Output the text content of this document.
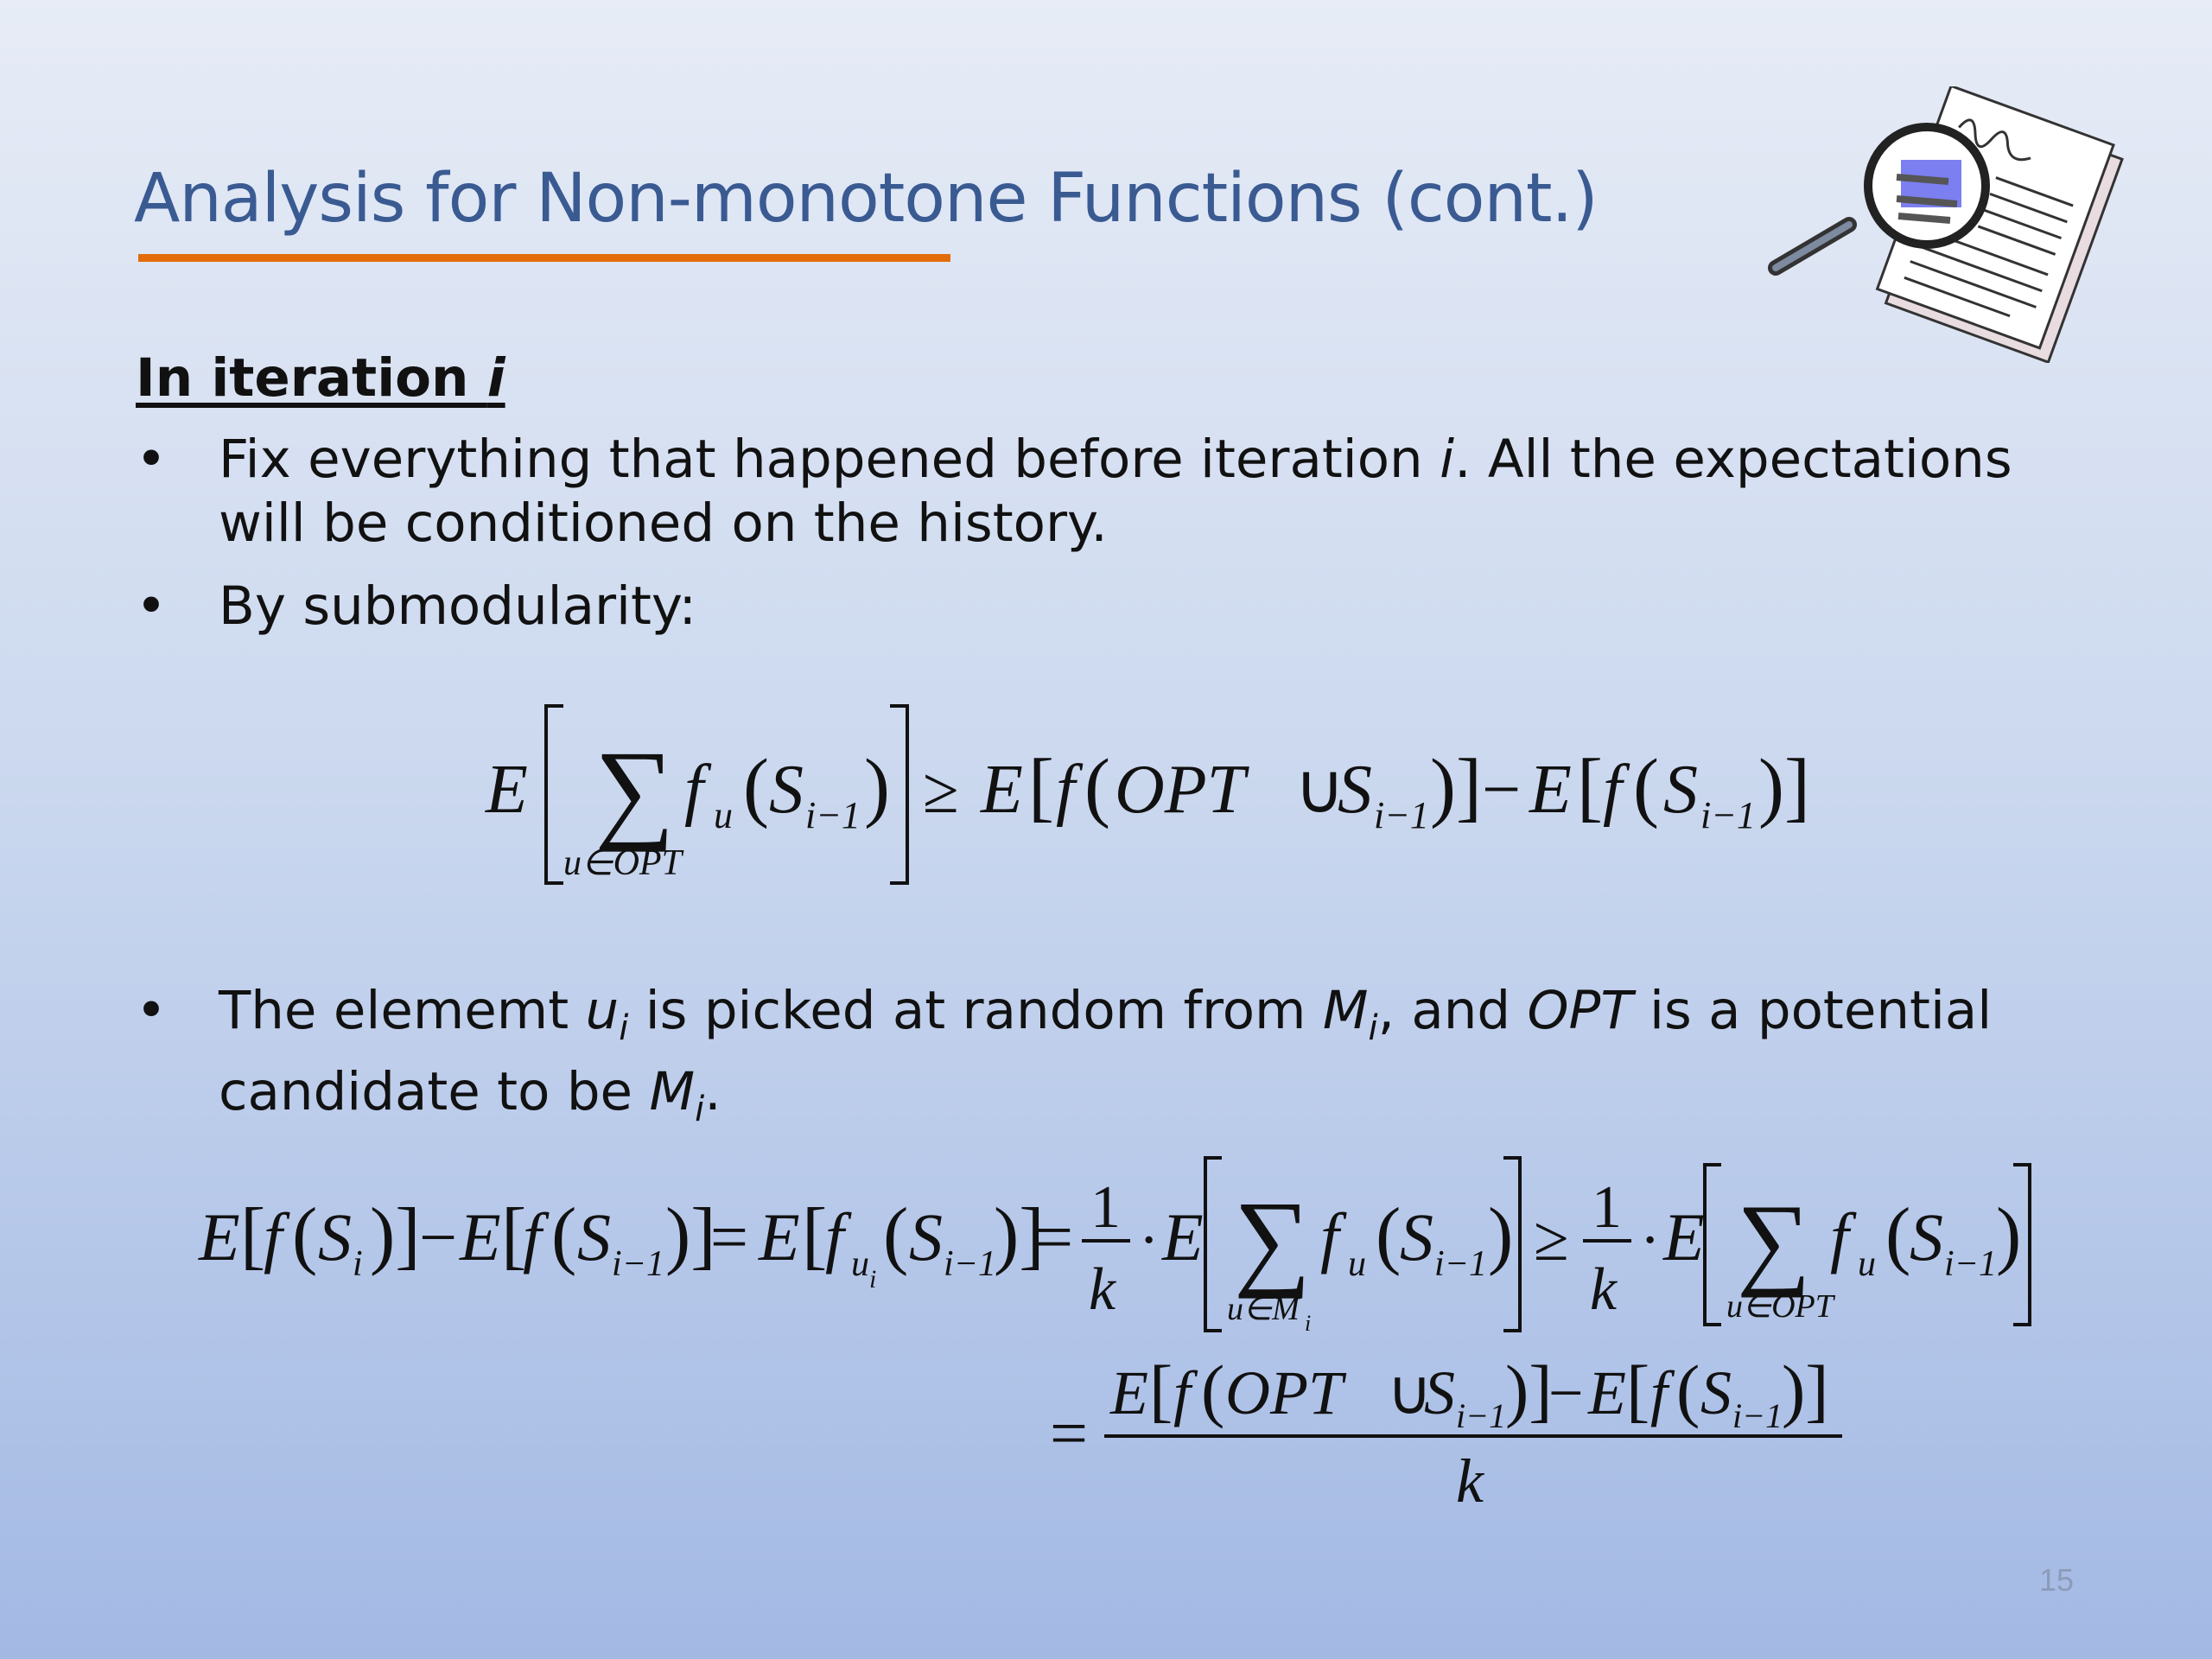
Analysis for Non-monotone Functions (cont.)
In iteration i
• Fix everything that happened before iteration i. All the expectations
will be conditioned on the history.
• By submodularity:
• The elememt $u_i$ is picked at random from $M_i$, and OPT is a potential
candidate to be $M_i$.
E ∑
u∈OPT
f u ( S i−1 ) ≥ E [ f ( OPT ∪
S i−1 )] − E [ f ( S i−1 )]
E [
f ( S i )]
− E [
f ( S i−1 )]
= E [
f u i
( S i−1
)]
= 1
k
· E ∑
u∈M i
f u (
S i−1 ) ≥ 1
k
· E ∑
u∈OPT
f u (
S i−1
)
=
E [ f ( OPT ∪
S i−1
)]
− E [ f ( S i−1
)]
k
15
